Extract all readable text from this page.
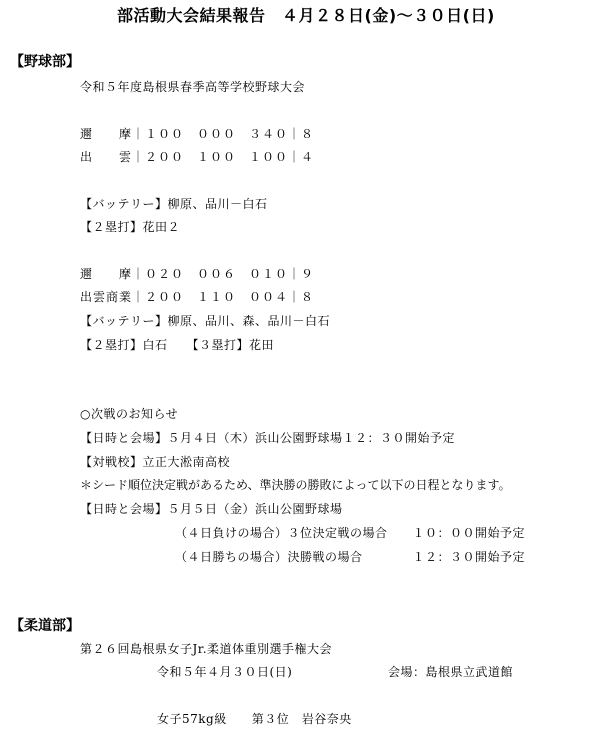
部活動大会結果報告　４月２８日(金)～３０日(日)
【野球部】
令和５年度島根県春季高等学校野球大会
邇　　摩｜１００　０００　３４０｜８
出　　雲｜２００　１００　１００｜４
【バッテリー】柳原、品川－白石
【２塁打】花田２
邇　　摩｜０２０　００６　０１０｜９
出雲商業｜２００　１１０　００４｜８
【バッテリー】柳原、品川、森、品川－白石
【２塁打】白石　　【３塁打】花田
○次戦のお知らせ
【日時と会場】５月４日（木）浜山公園野球場１２：３０開始予定
【対戦校】立正大淞南高校
＊シード順位決定戦があるため、準決勝の勝敗によって以下の日程となります。
【日時と会場】５月５日（金）浜山公園野球場
（４日負けの場合）３位決定戦の場合　　１０：００開始予定
（４日勝ちの場合）決勝戦の場合　　　　１２：３０開始予定
【柔道部】
第２６回島根県女子Jr.柔道体重別選手権大会
令和５年４月３０日(日)	会場：島根県立武道館
女子57kg級　　第３位　岩谷奈央
